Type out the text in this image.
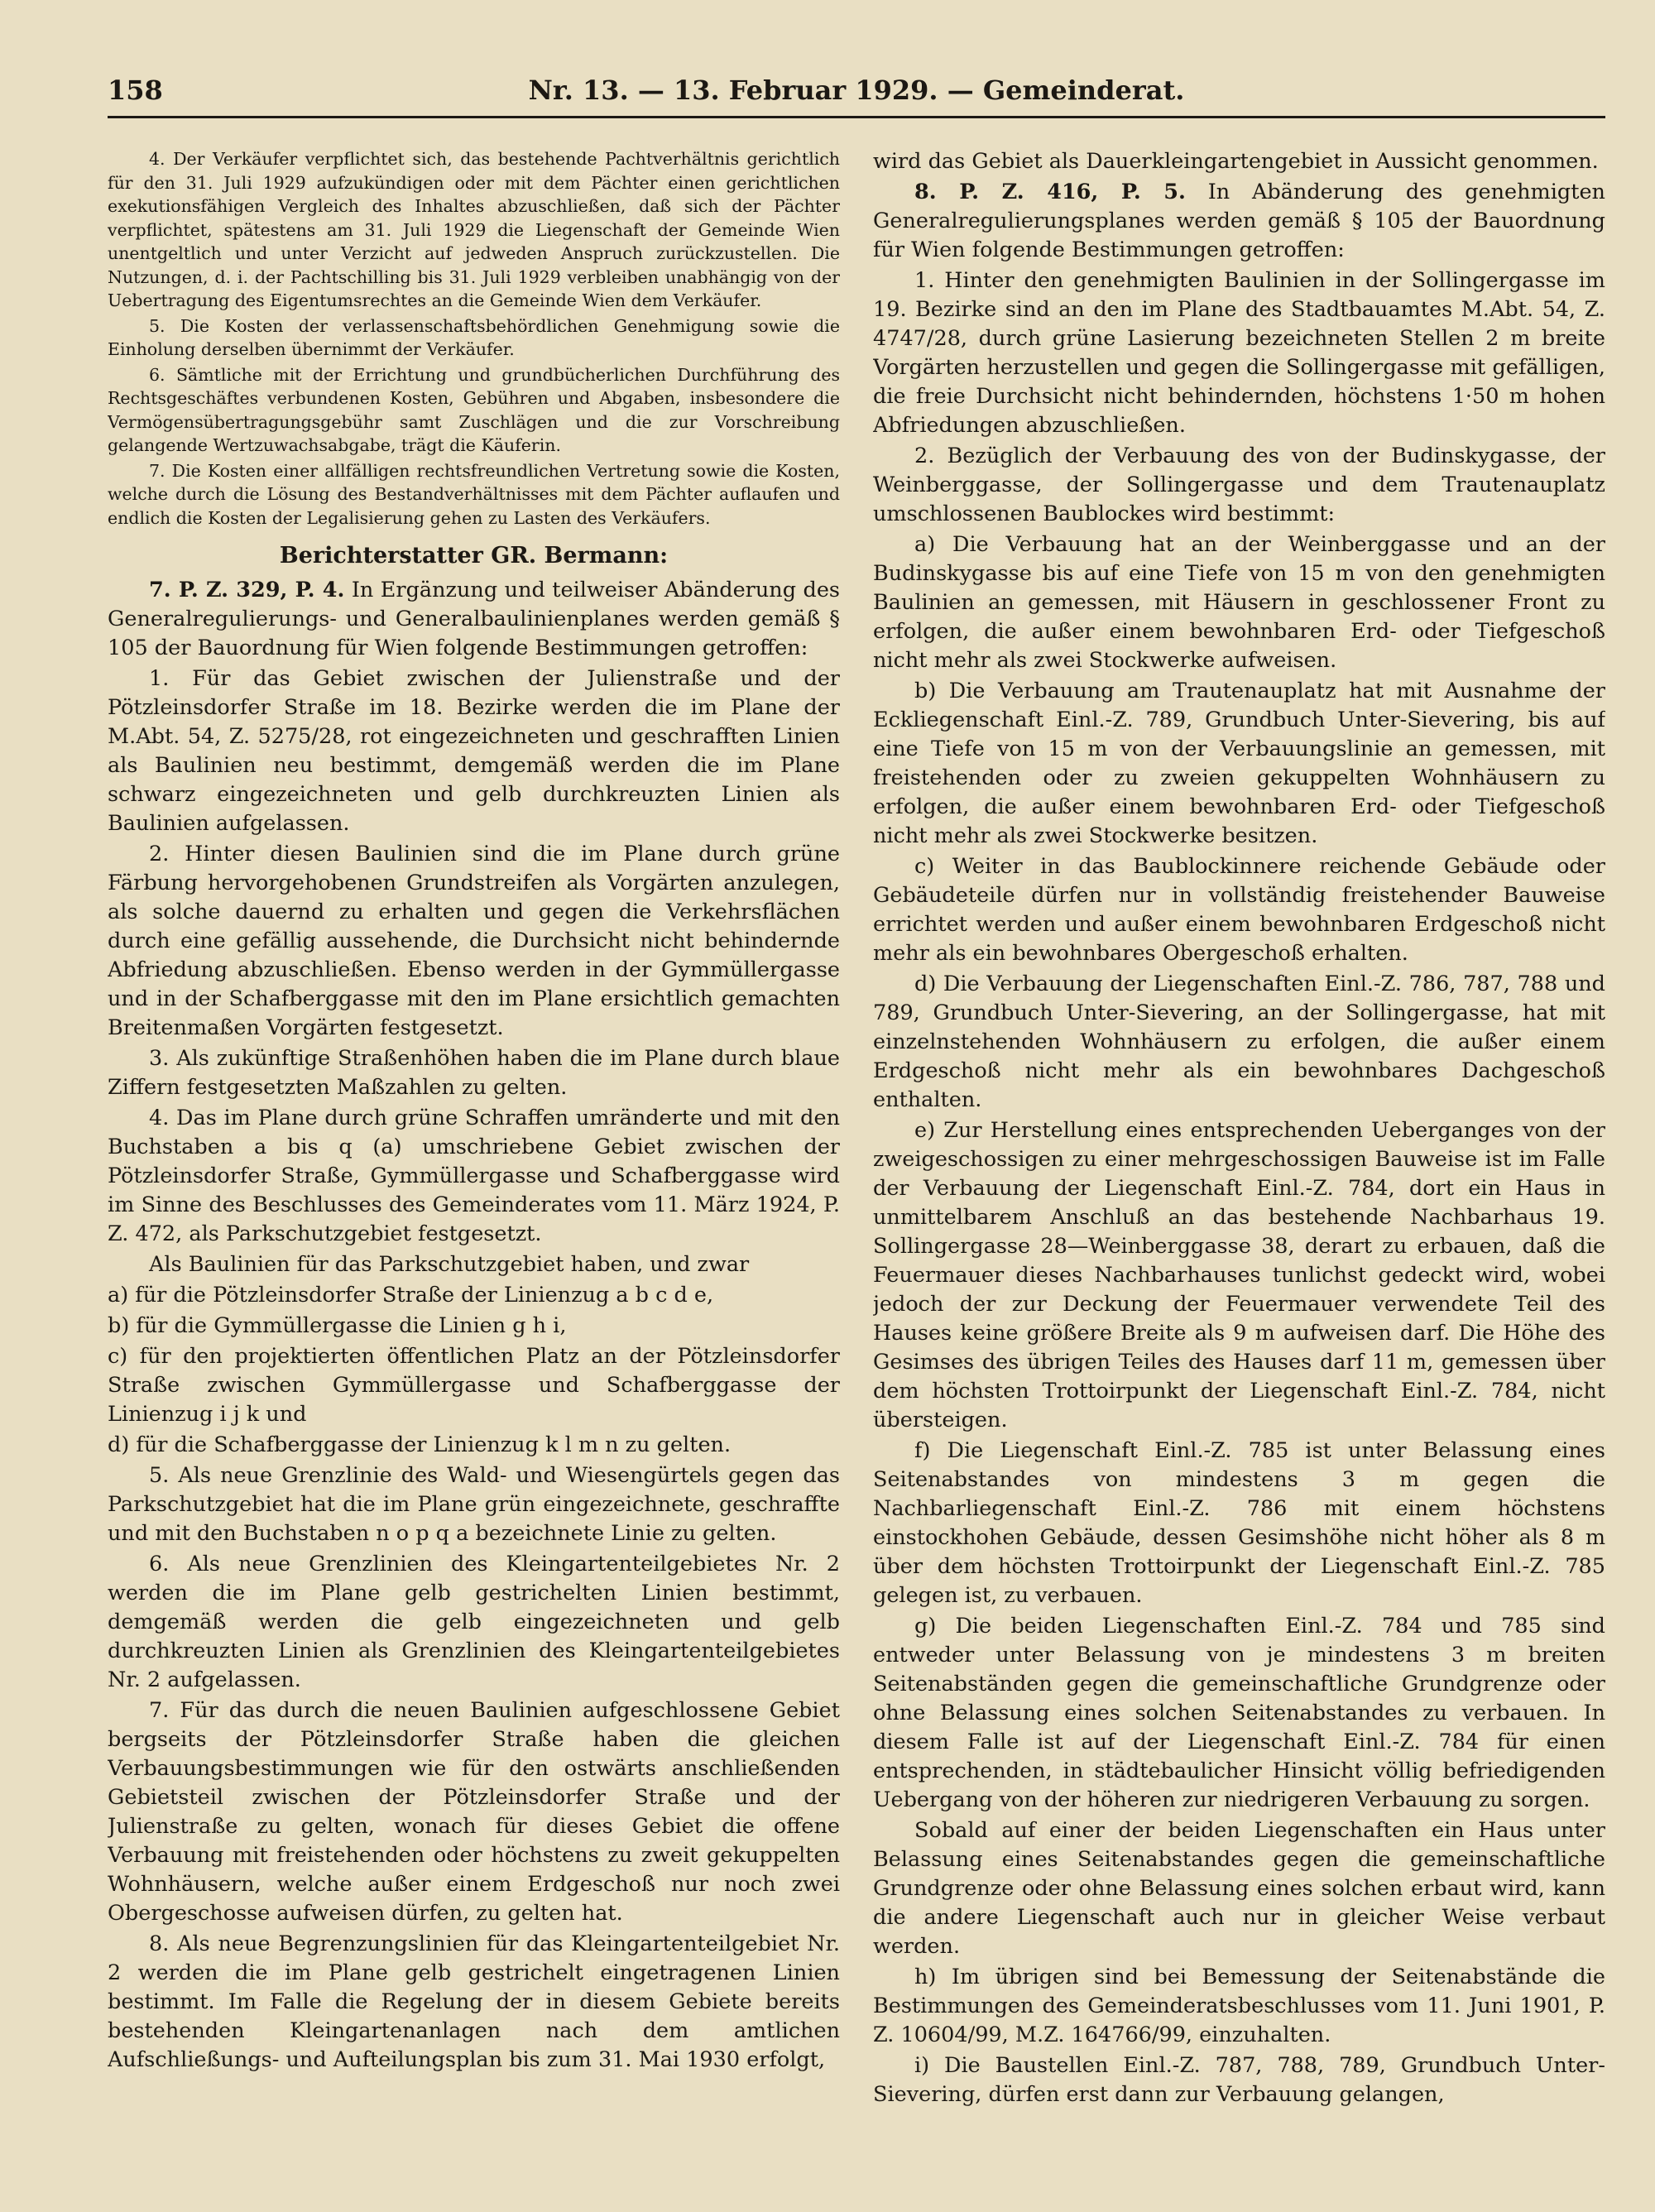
158	Nr. 13. — 13. Februar 1929. — Gemeinderat.

4. Der Verkäufer verpflichtet sich, das bestehende Pachtverhältnis gerichtlich für den 31. Juli 1929 aufzukündigen oder mit dem Pächter einen gerichtlichen exekutionsfähigen Vergleich des Inhaltes abzuschließen, daß sich der Pächter verpflichtet, spätestens am 31. Juli 1929 die Liegenschaft der Gemeinde Wien unentgeltlich und unter Verzicht auf jedweden Anspruch zurückzustellen. Die Nutzungen, d. i. der Pachtschilling bis 31. Juli 1929 verbleiben unabhängig von der Uebertragung des Eigentumsrechtes an die Gemeinde Wien dem Verkäufer.

5. Die Kosten der verlassenschaftsbehördlichen Genehmigung sowie die Einholung derselben übernimmt der Verkäufer.

6. Sämtliche mit der Errichtung und grundbücherlichen Durchführung des Rechtsgeschäftes verbundenen Kosten, Gebühren und Abgaben, insbesondere die Vermögensübertragungsgebühr samt Zuschlägen und die zur Vorschreibung gelangende Wertzuwachsabgabe, trägt die Käuferin.

7. Die Kosten einer allfälligen rechtsfreundlichen Vertretung sowie die Kosten, welche durch die Lösung des Bestandverhältnisses mit dem Pächter auflaufen und endlich die Kosten der Legalisierung gehen zu Lasten des Verkäufers.

Berichterstatter GR. Bermann:

7. P. Z. 329, P. 4. In Ergänzung und teilweiser Abänderung des Generalregulierungs- und Generalbaulinienplanes werden gemäß § 105 der Bauordnung für Wien folgende Bestimmungen getroffen:

1. Für das Gebiet zwischen der Julienstraße und der Pötzleinsdorfer Straße im 18. Bezirke werden die im Plane der M.Abt. 54, Z. 5275/28, rot eingezeichneten und geschrafften Linien als Baulinien neu bestimmt, demgemäß werden die im Plane schwarz eingezeichneten und gelb durchkreuzten Linien als Baulinien aufgelassen.

2. Hinter diesen Baulinien sind die im Plane durch grüne Färbung hervorgehobenen Grundstreifen als Vorgärten anzulegen, als solche dauernd zu erhalten und gegen die Verkehrsflächen durch eine gefällig aussehende, die Durchsicht nicht behindernde Abfriedung abzuschließen. Ebenso werden in der Gymmüllergasse und in der Schafberggasse mit den im Plane ersichtlich gemachten Breitenmaßen Vorgärten festgesetzt.

3. Als zukünftige Straßenhöhen haben die im Plane durch blaue Ziffern festgesetzten Maßzahlen zu gelten.

4. Das im Plane durch grüne Schraffen umränderte und mit den Buchstaben a bis q (a) umschriebene Gebiet zwischen der Pötzleinsdorfer Straße, Gymmüllergasse und Schafberggasse wird im Sinne des Beschlusses des Gemeinderates vom 11. März 1924, P. Z. 472, als Parkschutzgebiet festgesetzt.

Als Baulinien für das Parkschutzgebiet haben, und zwar

a) für die Pötzleinsdorfer Straße der Linienzug a b c d e,

b) für die Gymmüllergasse die Linien g h i,

c) für den projektierten öffentlichen Platz an der Pötzleinsdorfer Straße zwischen Gymmüllergasse und Schafberggasse der Linienzug i j k und

d) für die Schafberggasse der Linienzug k l m n zu gelten.

5. Als neue Grenzlinie des Wald- und Wiesengürtels gegen das Parkschutzgebiet hat die im Plane grün eingezeichnete, geschraffte und mit den Buchstaben n o p q a bezeichnete Linie zu gelten.

6. Als neue Grenzlinien des Kleingartenteilgebietes Nr. 2 werden die im Plane gelb gestrichelten Linien bestimmt, demgemäß werden die gelb eingezeichneten und gelb durchkreuzten Linien als Grenzlinien des Kleingartenteilgebietes Nr. 2 aufgelassen.

7. Für das durch die neuen Baulinien aufgeschlossene Gebiet bergseits der Pötzleinsdorfer Straße haben die gleichen Verbauungsbestimmungen wie für den ostwärts anschließenden Gebietsteil zwischen der Pötzleinsdorfer Straße und der Julienstraße zu gelten, wonach für dieses Gebiet die offene Verbauung mit freistehenden oder höchstens zu zweit gekuppelten Wohnhäusern, welche außer einem Erdgeschoß nur noch zwei Obergeschosse aufweisen dürfen, zu gelten hat.

8. Als neue Begrenzungslinien für das Kleingartenteilgebiet Nr. 2 werden die im Plane gelb gestrichelt eingetragenen Linien bestimmt. Im Falle die Regelung der in diesem Gebiete bereits bestehenden Kleingartenanlagen nach dem amtlichen Aufschließungs- und Aufteilungsplan bis zum 31. Mai 1930 erfolgt,

wird das Gebiet als Dauerkleingartengebiet in Aussicht genommen.

8. P. Z. 416, P. 5. In Abänderung des genehmigten Generalregulierungsplanes werden gemäß § 105 der Bauordnung für Wien folgende Bestimmungen getroffen:

1. Hinter den genehmigten Baulinien in der Sollingergasse im 19. Bezirke sind an den im Plane des Stadtbauamtes M.Abt. 54, Z. 4747/28, durch grüne Lasierung bezeichneten Stellen 2 m breite Vorgärten herzustellen und gegen die Sollingergasse mit gefälligen, die freie Durchsicht nicht behindernden, höchstens 1·50 m hohen Abfriedungen abzuschließen.

2. Bezüglich der Verbauung des von der Budinskygasse, der Weinberggasse, der Sollingergasse und dem Trautenauplatz umschlossenen Baublockes wird bestimmt:

a) Die Verbauung hat an der Weinberggasse und an der Budinskygasse bis auf eine Tiefe von 15 m von den genehmigten Baulinien an gemessen, mit Häusern in geschlossener Front zu erfolgen, die außer einem bewohnbaren Erd- oder Tiefgeschoß nicht mehr als zwei Stockwerke aufweisen.

b) Die Verbauung am Trautenauplatz hat mit Ausnahme der Eckliegenschaft Einl.-Z. 789, Grundbuch Unter-Sievering, bis auf eine Tiefe von 15 m von der Verbauungslinie an gemessen, mit freistehenden oder zu zweien gekuppelten Wohnhäusern zu erfolgen, die außer einem bewohnbaren Erd- oder Tiefgeschoß nicht mehr als zwei Stockwerke besitzen.

c) Weiter in das Baublockinnere reichende Gebäude oder Gebäudeteile dürfen nur in vollständig freistehender Bauweise errichtet werden und außer einem bewohnbaren Erdgeschoß nicht mehr als ein bewohnbares Obergeschoß erhalten.

d) Die Verbauung der Liegenschaften Einl.-Z. 786, 787, 788 und 789, Grundbuch Unter-Sievering, an der Sollingergasse, hat mit einzelnstehenden Wohnhäusern zu erfolgen, die außer einem Erdgeschoß nicht mehr als ein bewohnbares Dachgeschoß enthalten.

e) Zur Herstellung eines entsprechenden Ueberganges von der zweigeschossigen zu einer mehrgeschossigen Bauweise ist im Falle der Verbauung der Liegenschaft Einl.-Z. 784, dort ein Haus in unmittelbarem Anschluß an das bestehende Nachbarhaus 19. Sollingergasse 28—Weinberggasse 38, derart zu erbauen, daß die Feuermauer dieses Nachbarhauses tunlichst gedeckt wird, wobei jedoch der zur Deckung der Feuermauer verwendete Teil des Hauses keine größere Breite als 9 m aufweisen darf. Die Höhe des Gesimses des übrigen Teiles des Hauses darf 11 m, gemessen über dem höchsten Trottoirpunkt der Liegenschaft Einl.-Z. 784, nicht übersteigen.

f) Die Liegenschaft Einl.-Z. 785 ist unter Belassung eines Seitenabstandes von mindestens 3 m gegen die Nachbarliegenschaft Einl.-Z. 786 mit einem höchstens einstockhohen Gebäude, dessen Gesimshöhe nicht höher als 8 m über dem höchsten Trottoirpunkt der Liegenschaft Einl.-Z. 785 gelegen ist, zu verbauen.

g) Die beiden Liegenschaften Einl.-Z. 784 und 785 sind entweder unter Belassung von je mindestens 3 m breiten Seitenabständen gegen die gemeinschaftliche Grundgrenze oder ohne Belassung eines solchen Seitenabstandes zu verbauen. In diesem Falle ist auf der Liegenschaft Einl.-Z. 784 für einen entsprechenden, in städtebaulicher Hinsicht völlig befriedigenden Uebergang von der höheren zur niedrigeren Verbauung zu sorgen.

Sobald auf einer der beiden Liegenschaften ein Haus unter Belassung eines Seitenabstandes gegen die gemeinschaftliche Grundgrenze oder ohne Belassung eines solchen erbaut wird, kann die andere Liegenschaft auch nur in gleicher Weise verbaut werden.

h) Im übrigen sind bei Bemessung der Seitenabstände die Bestimmungen des Gemeinderatsbeschlusses vom 11. Juni 1901, P. Z. 10604/99, M.Z. 164766/99, einzuhalten.

i) Die Baustellen Einl.-Z. 787, 788, 789, Grundbuch Unter-Sievering, dürfen erst dann zur Verbauung gelangen,
